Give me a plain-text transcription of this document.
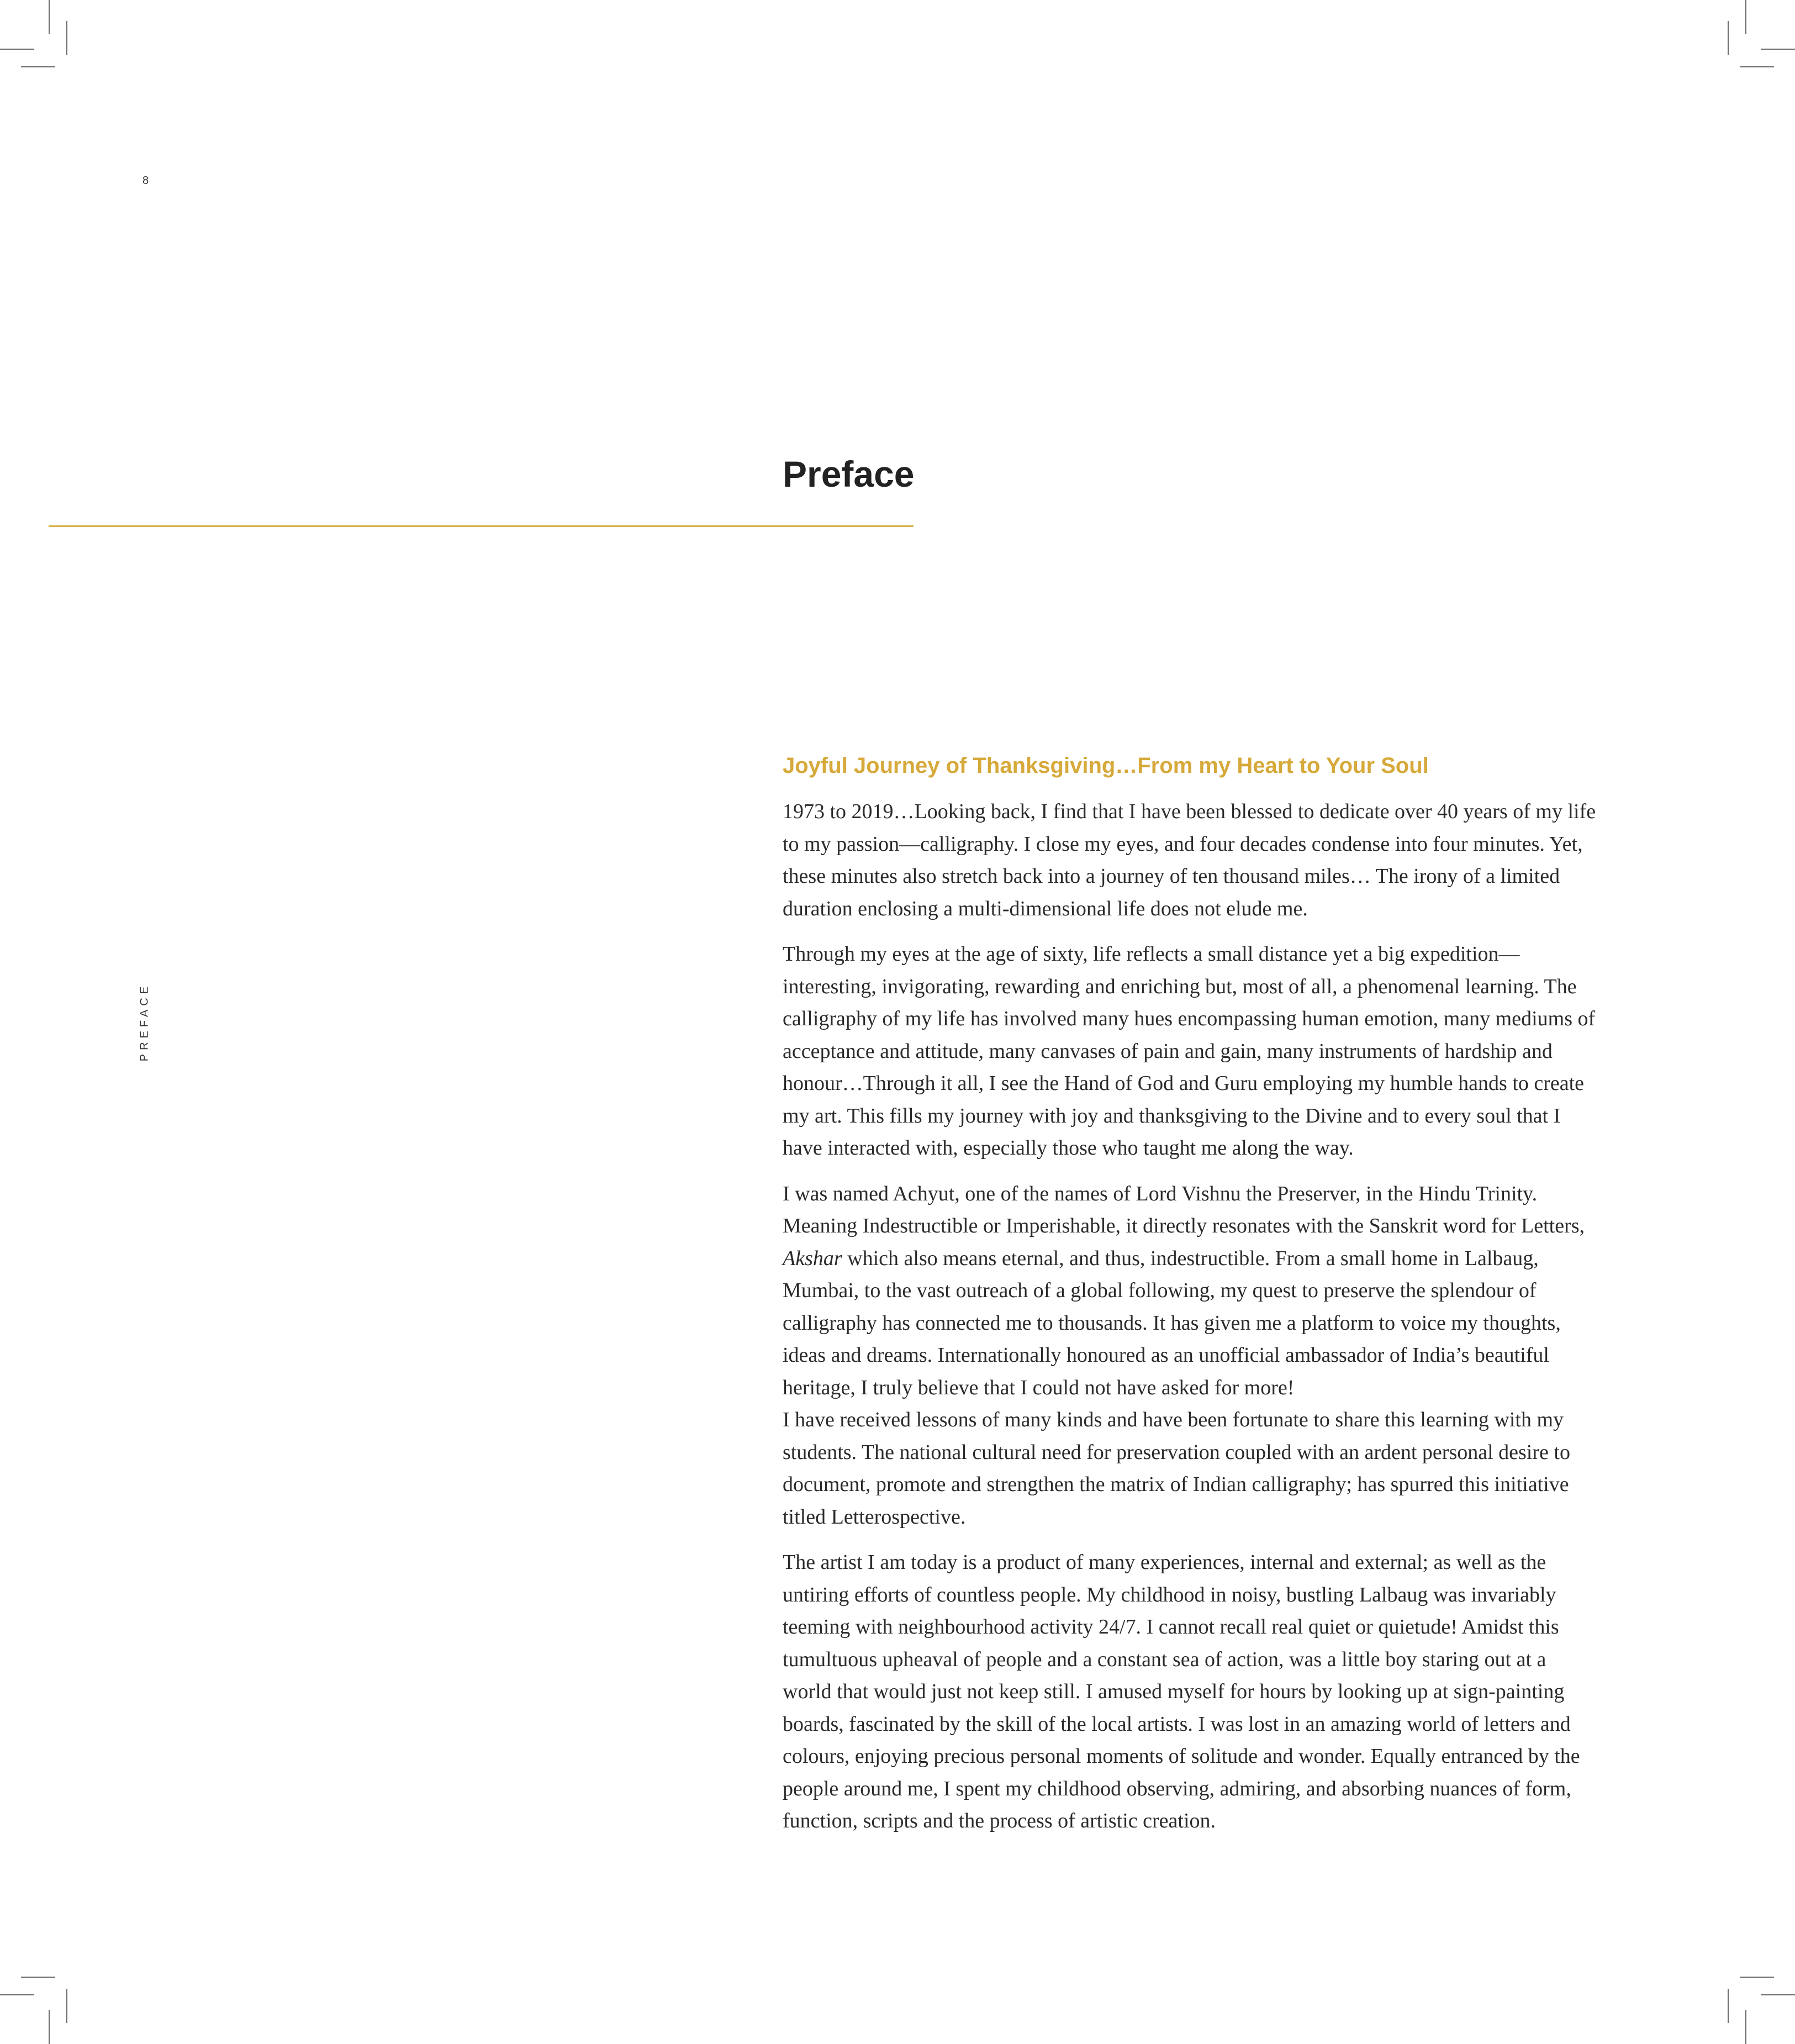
8
PREFACE
Preface
Joyful Journey of Thanksgiving…From my Heart to Your Soul

1973 to 2019…Looking back, I find that I have been blessed to dedicate over 40 years of my life to my passion—calligraphy. I close my eyes, and four decades condense into four minutes. Yet, these minutes also stretch back into a journey of ten thousand miles… The irony of a limited duration enclosing a multi-dimensional life does not elude me.

Through my eyes at the age of sixty, life reflects a small distance yet a big expedition—interesting, invigorating, rewarding and enriching but, most of all, a phenomenal learning. The calligraphy of my life has involved many hues encompassing human emotion, many mediums of acceptance and attitude, many canvases of pain and gain, many instruments of hardship and honour…Through it all, I see the Hand of God and Guru employing my humble hands to create my art. This fills my journey with joy and thanksgiving to the Divine and to every soul that I have interacted with, especially those who taught me along the way.

I was named Achyut, one of the names of Lord Vishnu the Preserver, in the Hindu Trinity. Meaning Indestructible or Imperishable, it directly resonates with the Sanskrit word for Letters, Akshar which also means eternal, and thus, indestructible. From a small home in Lalbaug, Mumbai, to the vast outreach of a global following, my quest to preserve the splendour of calligraphy has connected me to thousands. It has given me a platform to voice my thoughts, ideas and dreams. Internationally honoured as an unofficial ambassador of India’s beautiful heritage, I truly believe that I could not have asked for more!

I have received lessons of many kinds and have been fortunate to share this learning with my students. The national cultural need for preservation coupled with an ardent personal desire to document, promote and strengthen the matrix of Indian calligraphy; has spurred this initiative titled Letterospective.

The artist I am today is a product of many experiences, internal and external; as well as the untiring efforts of countless people. My childhood in noisy, bustling Lalbaug was invariably teeming with neighbourhood activity 24/7. I cannot recall real quiet or quietude! Amidst this tumultuous upheaval of people and a constant sea of action, was a little boy staring out at a world that would just not keep still. I amused myself for hours by looking up at sign-painting boards, fascinated by the skill of the local artists. I was lost in an amazing world of letters and colours, enjoying precious personal moments of solitude and wonder. Equally entranced by the people around me, I spent my childhood observing, admiring, and absorbing nuances of form, function, scripts and the process of artistic creation.
